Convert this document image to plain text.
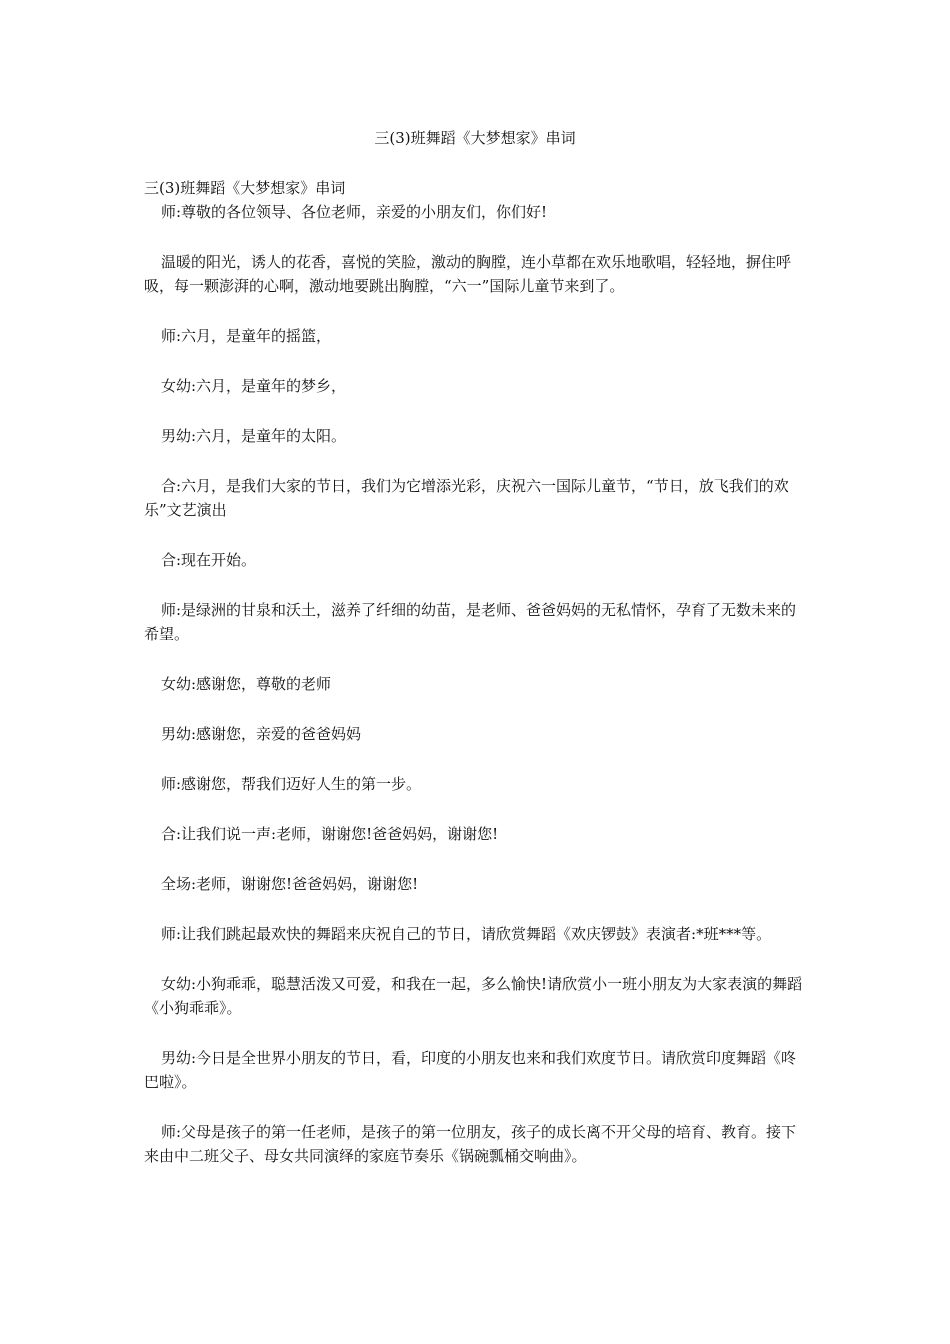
三(3)班舞蹈《大梦想家》串词

三(3)班舞蹈《大梦想家》串词

师:尊敬的各位领导、各位老师，亲爱的小朋友们，你们好!

温暖的阳光，诱人的花香，喜悦的笑脸，激动的胸膛，连小草都在欢乐地歌唱，轻轻地，摒住呼吸，每一颗澎湃的心啊，激动地要跳出胸膛，“六一”国际儿童节来到了。

师:六月，是童年的摇篮，

女幼:六月，是童年的梦乡，

男幼:六月，是童年的太阳。

合:六月，是我们大家的节日，我们为它增添光彩，庆祝六一国际儿童节，“节日，放飞我们的欢乐”文艺演出

合:现在开始。

师:是绿洲的甘泉和沃土，滋养了纤细的幼苗，是老师、爸爸妈妈的无私情怀，孕育了无数未来的希望。

女幼:感谢您，尊敬的老师

男幼:感谢您，亲爱的爸爸妈妈

师:感谢您，帮我们迈好人生的第一步。

合:让我们说一声:老师，谢谢您!爸爸妈妈，谢谢您!

全场:老师，谢谢您!爸爸妈妈，谢谢您!

师:让我们跳起最欢快的舞蹈来庆祝自己的节日，请欣赏舞蹈《欢庆锣鼓》表演者:*班***等。

女幼:小狗乖乖，聪慧活泼又可爱，和我在一起，多么愉快!请欣赏小一班小朋友为大家表演的舞蹈《小狗乖乖》。

男幼:今日是全世界小朋友的节日，看，印度的小朋友也来和我们欢度节日。请欣赏印度舞蹈《咚巴啦》。

师:父母是孩子的第一任老师，是孩子的第一位朋友，孩子的成长离不开父母的培育、教育。接下来由中二班父子、母女共同演绎的家庭节奏乐《锅碗瓢桶交响曲》。
